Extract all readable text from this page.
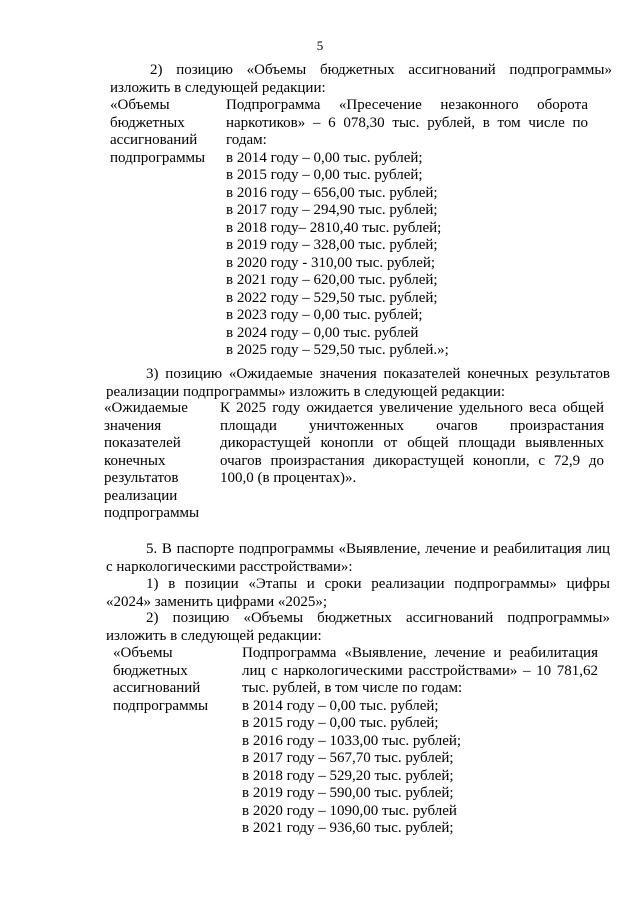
5
2) позицию «Объемы бюджетных ассигнований подпрограммы»
изложить в следующей редакции:
«Объемы
бюджетных
ассигнований
подпрограммы
Подпрограмма «Пресечение незаконного оборота
наркотиков» – 6 078,30 тыс. рублей, в том числе по
годам:
в 2014 году – 0,00 тыс. рублей;
в 2015 году – 0,00 тыс. рублей;
в 2016 году – 656,00 тыс. рублей;
в 2017 году – 294,90 тыс. рублей;
в 2018 году– 2810,40 тыс. рублей;
в 2019 году – 328,00 тыс. рублей;
в 2020 году - 310,00 тыс. рублей;
в 2021 году – 620,00 тыс. рублей;
в 2022 году – 529,50 тыс. рублей;
в 2023 году – 0,00 тыс. рублей;
в 2024 году – 0,00 тыс. рублей
в 2025 году – 529,50 тыс. рублей.»;
3) позицию «Ожидаемые значения показателей конечных результатов
реализации подпрограммы» изложить в следующей редакции:
«Ожидаемые
значения
показателей
конечных
результатов
реализации
подпрограммы
К 2025 году ожидается увеличение удельного веса общей
площади уничтоженных очагов произрастания
дикорастущей конопли от общей площади выявленных
очагов произрастания дикорастущей конопли, с 72,9 до
100,0 (в процентах)».
5. В паспорте подпрограммы «Выявление, лечение и реабилитация лиц
с наркологическими расстройствами»:
1) в позиции «Этапы и сроки реализации подпрограммы» цифры
«2024» заменить цифрами «2025»;
2) позицию «Объемы бюджетных ассигнований подпрограммы»
изложить в следующей редакции:
«Объемы
бюджетных
ассигнований
подпрограммы
Подпрограмма «Выявление, лечение и реабилитация
лиц с наркологическими расстройствами» – 10 781,62
тыс. рублей, в том числе по годам:
в 2014 году – 0,00 тыс. рублей;
в 2015 году – 0,00 тыс. рублей;
в 2016 году – 1033,00 тыс. рублей;
в 2017 году – 567,70 тыс. рублей;
в 2018 году – 529,20 тыс. рублей;
в 2019 году – 590,00 тыс. рублей;
в 2020 году – 1090,00 тыс. рублей
в 2021 году – 936,60 тыс. рублей;
